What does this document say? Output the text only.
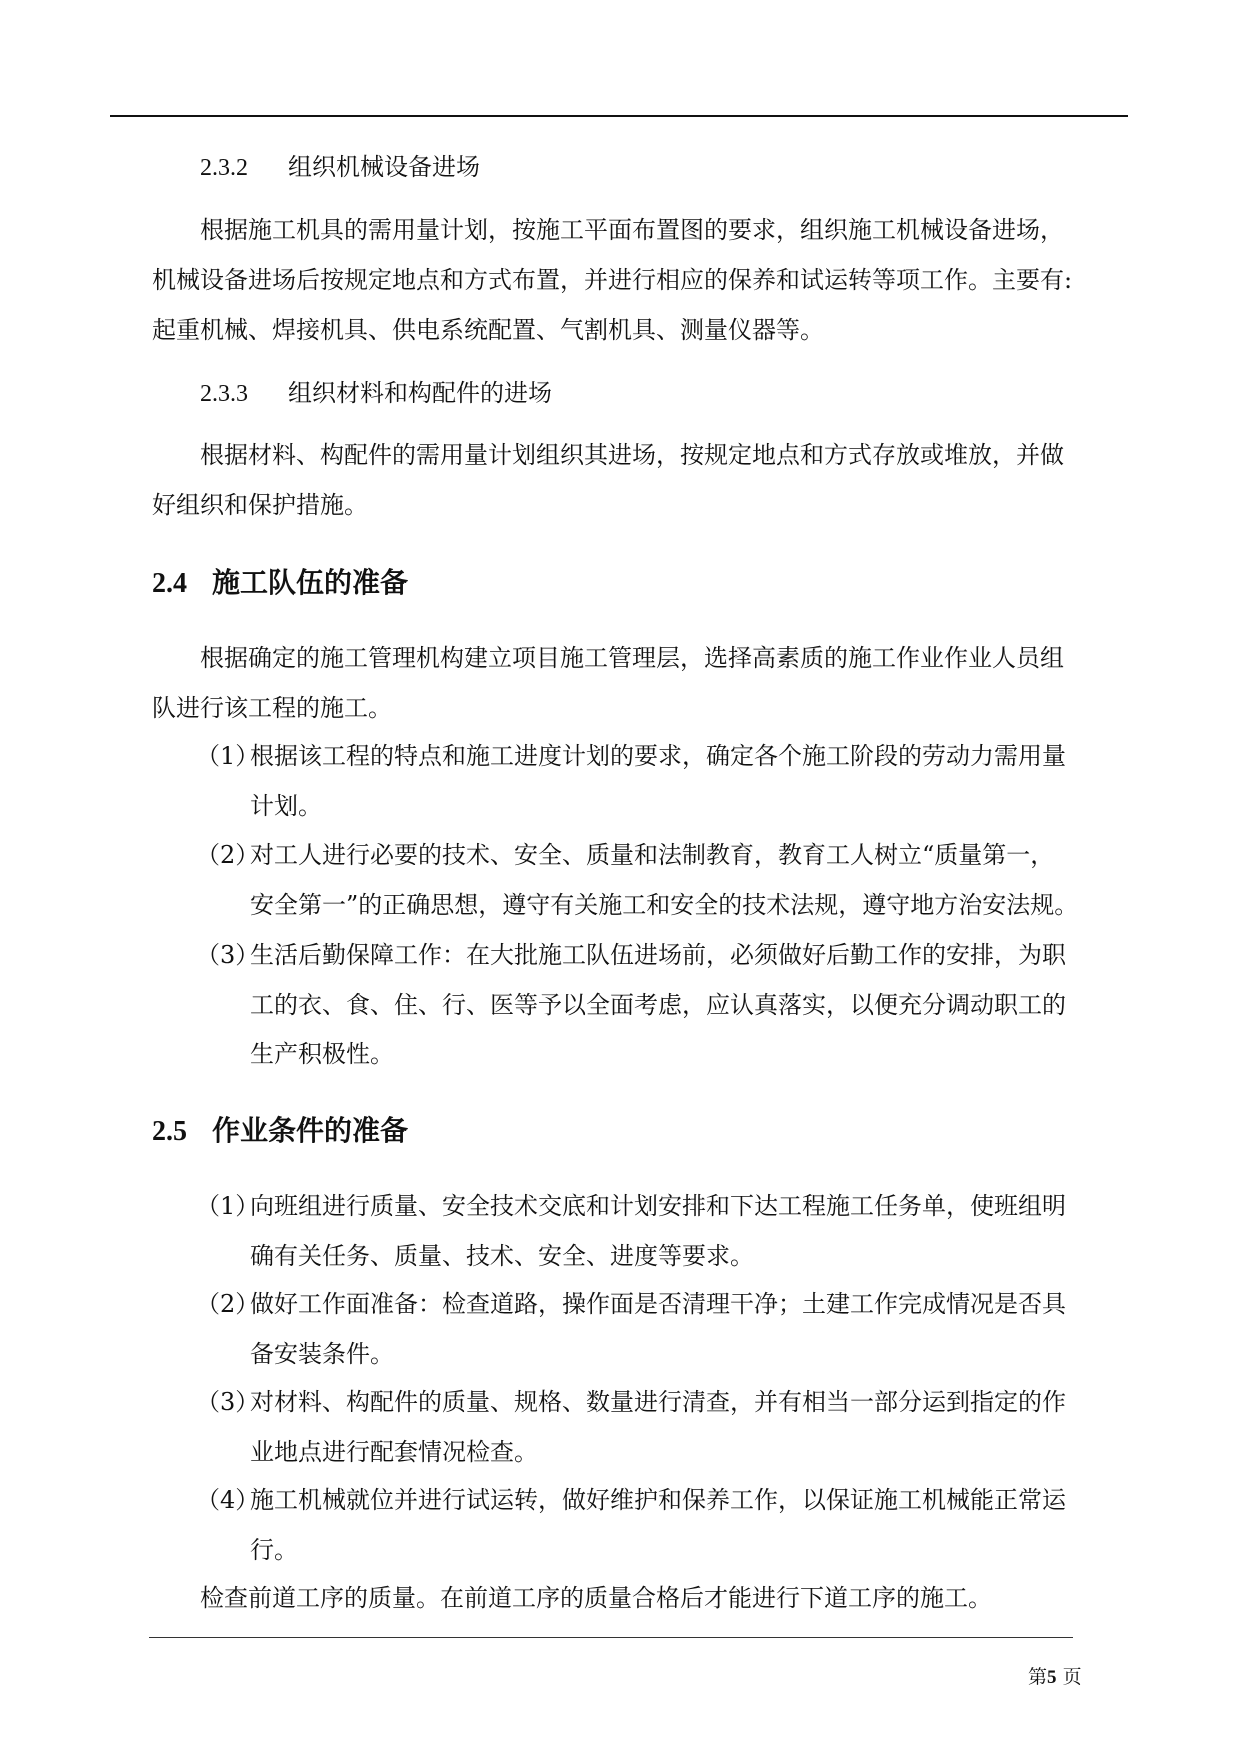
2.3.2 组织机械设备进场
根据施工机具的需用量计划，按施工平面布置图的要求，组织施工机械设备进场，
机械设备进场后按规定地点和方式布置，并进行相应的保养和试运转等项工作。主要有:
起重机械、焊接机具、供电系统配置、气割机具、测量仪器等。
2.3.3 组织材料和构配件的进场
根据材料、构配件的需用量计划组织其进场，按规定地点和方式存放或堆放，并做
好组织和保护措施。
2.4 施工队伍的准备
根据确定的施工管理机构建立项目施工管理层，选择高素质的施工作业作业人员组
队进行该工程的施工。
（1）根据该工程的特点和施工进度计划的要求，确定各个施工阶段的劳动力需用量
计划。
（2）对工人进行必要的技术、安全、质量和法制教育，教育工人树立“质量第一，
安全第一”的正确思想，遵守有关施工和安全的技术法规，遵守地方治安法规。
（3）生活后勤保障工作：在大批施工队伍进场前，必须做好后勤工作的安排，为职
工的衣、食、住、行、医等予以全面考虑，应认真落实，以便充分调动职工的
生产积极性。
2.5 作业条件的准备
（1）向班组进行质量、安全技术交底和计划安排和下达工程施工任务单，使班组明
确有关任务、质量、技术、安全、进度等要求。
（2）做好工作面准备：检查道路，操作面是否清理干净；土建工作完成情况是否具
备安装条件。
（3）对材料、构配件的质量、规格、数量进行清查，并有相当一部分运到指定的作
业地点进行配套情况检查。
（4）施工机械就位并进行试运转，做好维护和保养工作，以保证施工机械能正常运
行。
检查前道工序的质量。在前道工序的质量合格后才能进行下道工序的施工。
第5 页
